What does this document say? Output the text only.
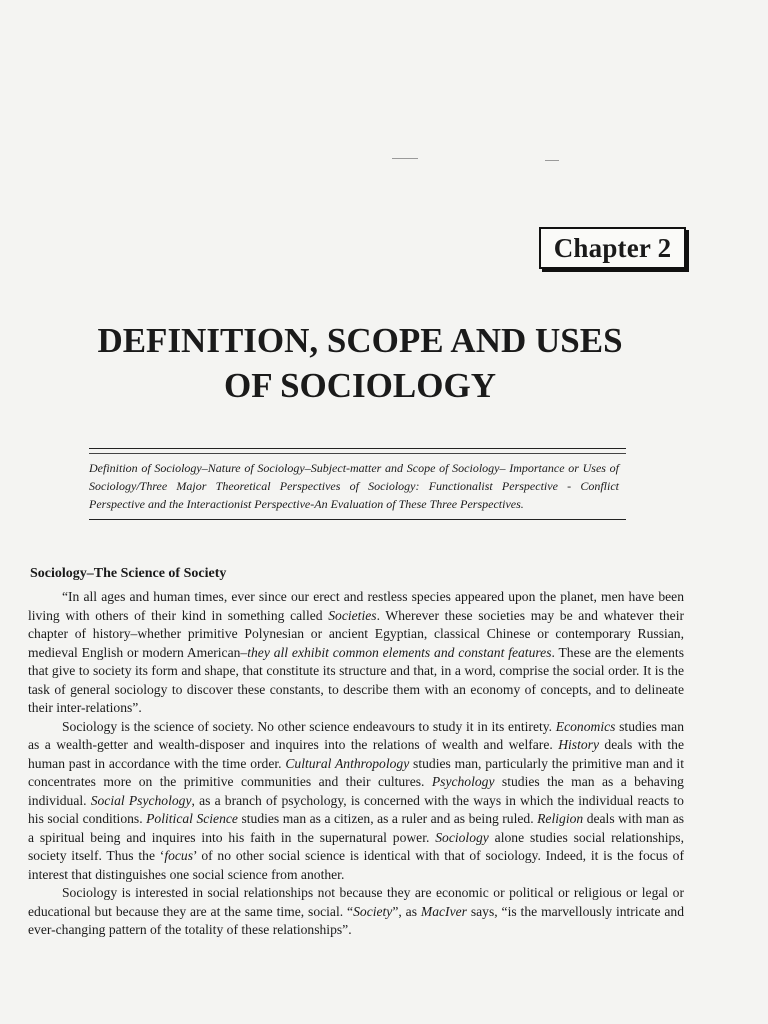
Chapter 2
DEFINITION, SCOPE AND USES
OF SOCIOLOGY

Definition of Sociology–Nature of Sociology–Subject-matter and Scope of Sociology– Importance or Uses of Sociology/Three Major Theoretical Perspectives of Sociology: Functionalist Perspective - Conflict Perspective and the Interactionist Perspective-An Evaluation of These Three Perspectives.

Sociology–The Science of Society

“In all ages and human times, ever since our erect and restless species appeared upon the planet, men have been living with others of their kind in something called Societies. Wherever these societies may be and whatever their chapter of history–whether primitive Polynesian or ancient Egyptian, classical Chinese or contemporary Russian, medieval English or modern American–they all exhibit common elements and constant features. These are the elements that give to society its form and shape, that constitute its structure and that, in a word, comprise the social order. It is the task of general sociology to discover these constants, to describe them with an economy of concepts, and to delineate their inter-relations”.

Sociology is the science of society. No other science endeavours to study it in its entirety. Economics studies man as a wealth-getter and wealth-disposer and inquires into the relations of wealth and welfare. History deals with the human past in accordance with the time order. Cultural Anthropology studies man, particularly the primitive man and it concentrates more on the primitive communities and their cultures. Psychology studies the man as a behaving individual. Social Psychology, as a branch of psychology, is concerned with the ways in which the individual reacts to his social conditions. Political Science studies man as a citizen, as a ruler and as being ruled. Religion deals with man as a spiritual being and inquires into his faith in the supernatural power. Sociology alone studies social relationships, society itself. Thus the ‘focus’ of no other social science is identical with that of sociology. Indeed, it is the focus of interest that distinguishes one social science from another.

Sociology is interested in social relationships not because they are economic or political or religious or legal or educational but because they are at the same time, social. “Society”, as MacIver says, “is the marvellously intricate and ever-changing pattern of the totality of these relationships”.
